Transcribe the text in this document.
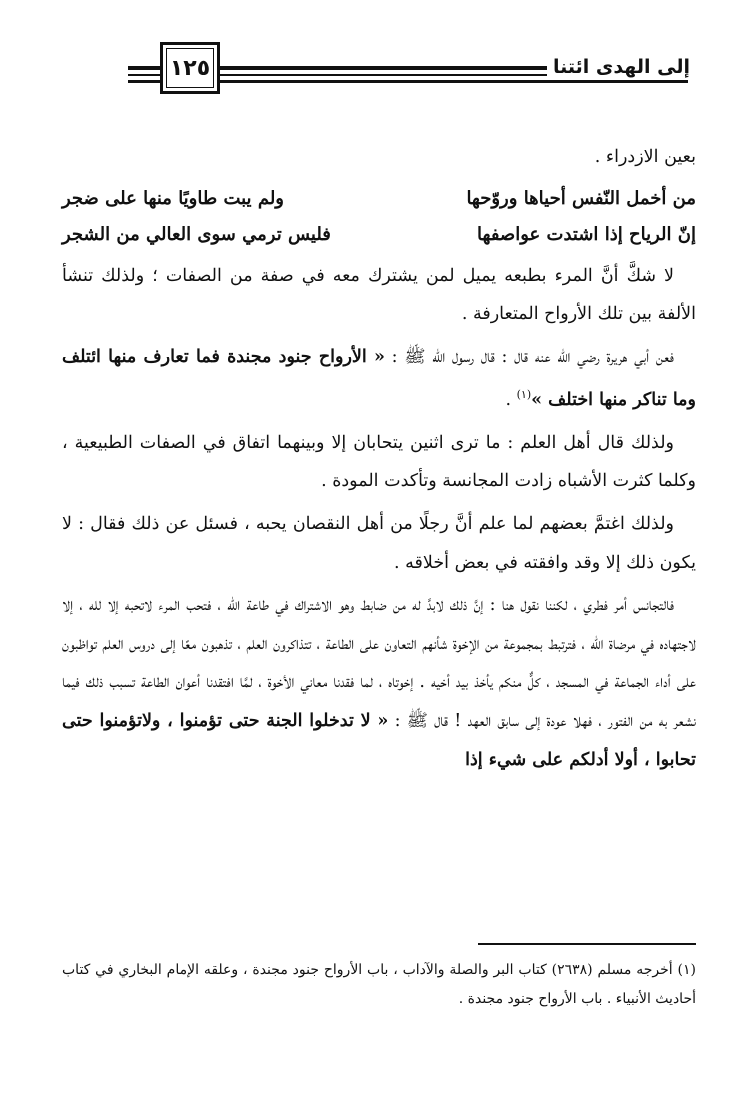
١٢٥	إلى الهدى ائتنا

بعين الازدراء .

من أخمل النّفس أحياها وروّحها
ولم يبت طاويًا منها على ضجر
إنّ الرياح إذا اشتدت عواصفها
فليس ترمي سوى العالي من الشجر

لا شكَّ أنَّ المرء بطبعه يميل لمن يشترك معه في صفة من الصفات ؛ ولذلك تنشأ الألفة بين تلك الأرواح المتعارفة .

فعن أبي هريرة رضي الله عنه قال : قال رسول الله ﷺ : « الأرواح جنود مجندة فما تعارف منها ائتلف وما تناكر منها اختلف »$^{(١)}$ .

ولذلك قال أهل العلم : ما ترى اثنين يتحابان إلا وبينهما اتفاق في الصفات الطبيعية ، وكلما كثرت الأشباه زادت المجانسة وتأكدت المودة .

ولذلك اغتمَّ بعضهم لما علم أنَّ رجلًا من أهل النقصان يحبه ، فسئل عن ذلك فقال : لا يكون ذلك إلا وقد وافقته في بعض أخلاقه .

فالتجانس أمر فطري ، لكننا نقول هنا : إنَّ ذلك لابدَّ له من ضابط وهو الاشتراك في طاعة الله ، فتحب المرء لاتحبه إلا لله ، إلا لاجتهاده في مرضاة الله ، فترتبط بمجموعة من الإخوة شأنهم التعاون على الطاعة ، تتذاكرون العلم ، تذهبون معًا إلى دروس العلم تواظبون على أداء الجماعة في المسجد ، كلٌّ منكم يأخذ بيد أخيه . إخوتاه ، لما فقدنا معاني الأخوة ، لمَّا افتقدنا أعوان الطاعة تسبب ذلك فيما نشعر به من الفتور ، فهلا عودة إلى سابق العهد ! قال ﷺ : « لا تدخلوا الجنة حتى تؤمنوا ، ولاتؤمنوا حتى تحابوا ، أولا أدلكم على شيء إذا

(١) أخرجه مسلم (٢٦٣٨) كتاب البر والصلة والآداب ، باب الأرواح جنود مجندة ، وعلقه الإمام البخاري في كتاب أحاديث الأنبياء . باب الأرواح جنود مجندة .
